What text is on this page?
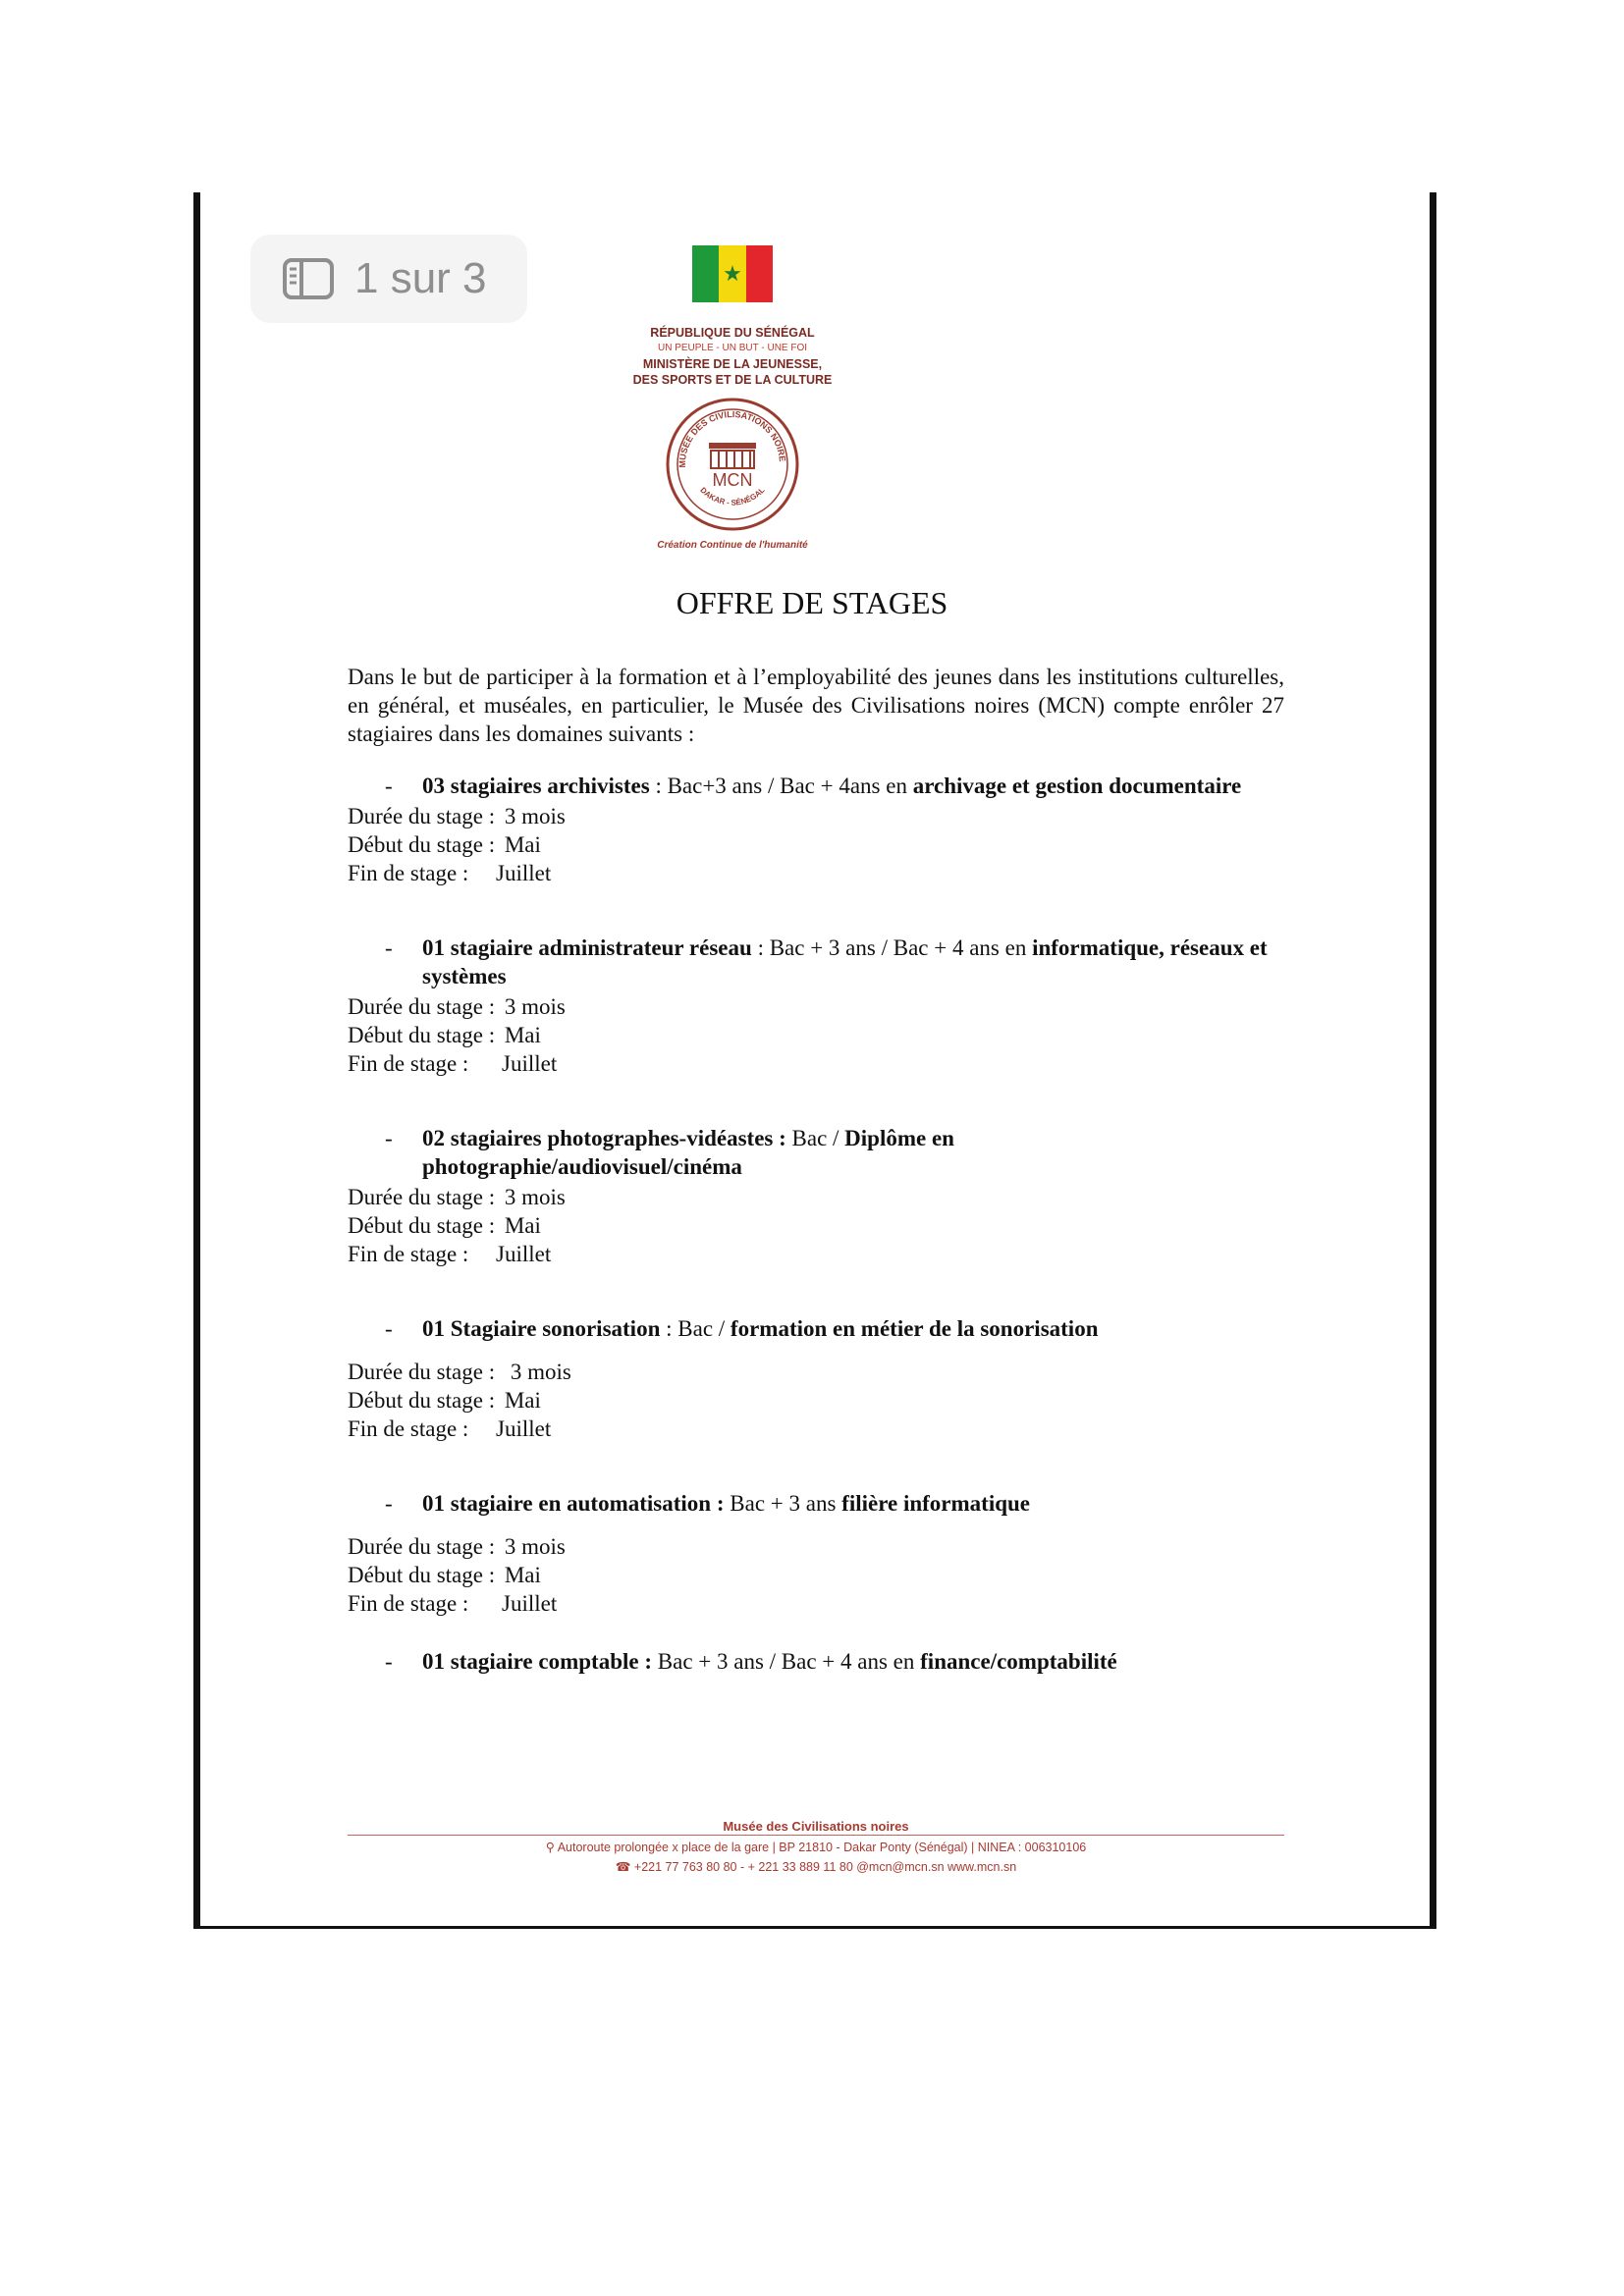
1 sur 3	★
RÉPUBLIQUE DU SÉNÉGAL
UN PEUPLE - UN BUT - UNE FOI
MINISTÈRE DE LA JEUNESSE,
DES SPORTS ET DE LA CULTURE
MUSÉE DES CIVILISATIONS NOIRE
DAKAR - SÉNÉGAL
MCN
Création Continue de l'humanité
OFFRE DE STAGES

Dans le but de participer à la formation et à l’employabilité des jeunes dans les institutions culturelles, en général, et muséales, en particulier, le Musée des Civilisations noires (MCN) compte enrôler 27 stagiaires dans les domaines suivants :

-	03 stagiaires archivistes : Bac+3 ans / Bac + 4ans en archivage et gestion documentaire

Durée du stage : 3 mois

Début du stage : Mai

Fin de stage : Juillet

-	01 stagiaire administrateur réseau : Bac + 3 ans / Bac + 4 ans en informatique, réseaux et systèmes

Durée du stage : 3 mois

Début du stage : Mai

Fin de stage : Juillet

-	02 stagiaires photographes-vidéastes : Bac / Diplôme en photographie/audiovisuel/cinéma

Durée du stage : 3 mois

Début du stage : Mai

Fin de stage : Juillet

-	01 Stagiaire sonorisation : Bac / formation en métier de la sonorisation

Durée du stage : 3 mois

Début du stage : Mai

Fin de stage : Juillet

-	01 stagiaire en automatisation : Bac + 3 ans filière informatique

Durée du stage : 3 mois

Début du stage : Mai

Fin de stage : Juillet

-	01 stagiaire comptable : Bac + 3 ans / Bac + 4 ans en finance/comptabilité
Musée des Civilisations noires
⚲ Autoroute prolongée x place de la gare | BP 21810 - Dakar Ponty (Sénégal) | NINEA : 006310106
☎ +221 77 763 80 80 - + 221 33 889 11 80 @mcn@mcn.sn www.mcn.sn
